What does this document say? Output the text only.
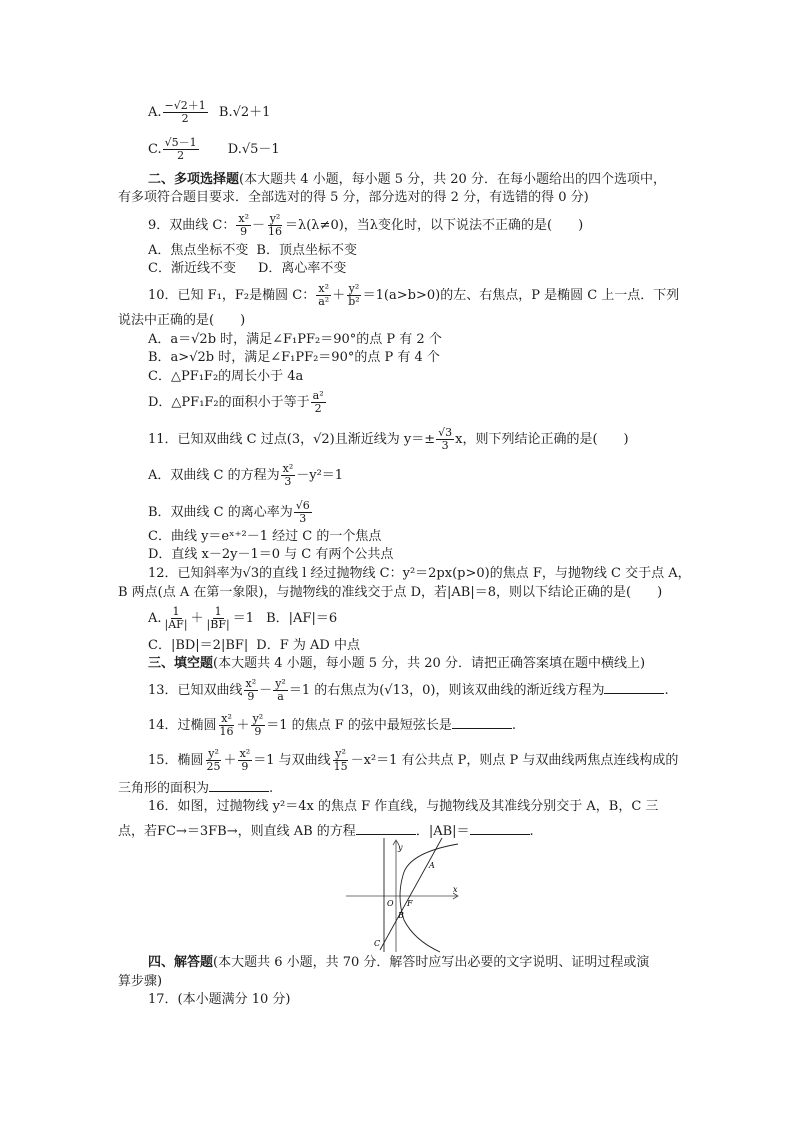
A. $\frac{-√2+1}{2} B.√2+1$
C. $\frac{√5-1}{2} D.√5-1$
二、多项选择题(本大题共 4 小题，每小题 5 分，共 20 分．在每小题给出的四个选项中，
有多项符合题目要求．全部选对的得 5 分，部分选对的得 2 分，有选错的得 0 分)
9．双曲线 C： $\frac{\text{x²}}{9} - \frac{\text{y²}}{16} =\lambda(\lambda\ne 0)$，当λ变化时，以下说法不正确的是(　　)
A．焦点坐标不变 B．顶点坐标不变
C．渐近线不变 D．离心率不变
10．已知 F₁，F₂是椭圆 C： $\frac{\text{x²}}{\text{a²}} + \frac{\text{y²}}{\text{b²}} =1(a>b>0)$的左、右焦点，P 是椭圆 C 上一点．下列
说法中正确的是(　　)
A．a＝√2b 时，满足∠F₁PF₂＝90°的点 P 有 2 个
B．a>√2b 时，满足∠F₁PF₂＝90°的点 P 有 4 个
C．△PF₁F₂的周长小于 4a
D．△PF₁F₂的面积小于等于 $\frac{\text{a²}}{2}$
11．已知双曲线 C 过点(3，√2)且渐近线为 $y=\pm \frac{√3}{3}$ x，则下列结论正确的是(　　)
A．双曲线 C 的方程为 $\frac{\text{x²}}{3} -y^2=1$
B．双曲线 C 的离心率为 $\frac{√6}{3}$
C．曲线 y＝eˣ⁺²－1 经过 C 的一个焦点
D．直线 x－2y－1＝0 与 C 有两个公共点
12．已知斜率为√3的直线 l 经过抛物线 C：y²＝2px(p>0)的焦点 F，与抛物线 C 交于点 A，
B 两点(点 A 在第一象限)，与抛物线的准线交于点 D，若|AB|＝8，则以下结论正确的是(　　)
A. $\frac{1}{|AF|} + \frac{1}{|BF|} =1$ B．|AF|＝6
C．|BD|＝2|BF| D．F 为 AD 中点
三、填空题(本大题共 4 小题，每小题 5 分，共 20 分．请把正确答案填在题中横线上)
13．已知双曲线 $\frac{\text{x²}}{9} - \frac{\text{y²}}{a} =1$ 的右焦点为(√13，0)，则该双曲线的渐近线方程为	.
14．过椭圆 $\frac{\text{x²}}{16} + \frac{\text{y²}}{9} =1$ 的焦点 F 的弦中最短弦长是	.
15．椭圆 $\frac{\text{y²}}{25} + \frac{\text{x²}}{9} =1$ 与双曲线 $\frac{\text{y²}}{15} -x^2=1$ 有公共点 P，则点 P 与双曲线两焦点连线构成的
三角形的面积为	.
16．如图，过抛物线 y²＝4x 的焦点 F 作直线，与抛物线及其准线分别交于 A，B，C 三
点，若FC→＝3FB→，则直线 AB 的方程	．|AB|＝	.
y
x
A
O F
B
C
四、解答题(本大题共 6 小题，共 70 分．解答时应写出必要的文字说明、证明过程或演
算步骤)
17．(本小题满分 10 分)
